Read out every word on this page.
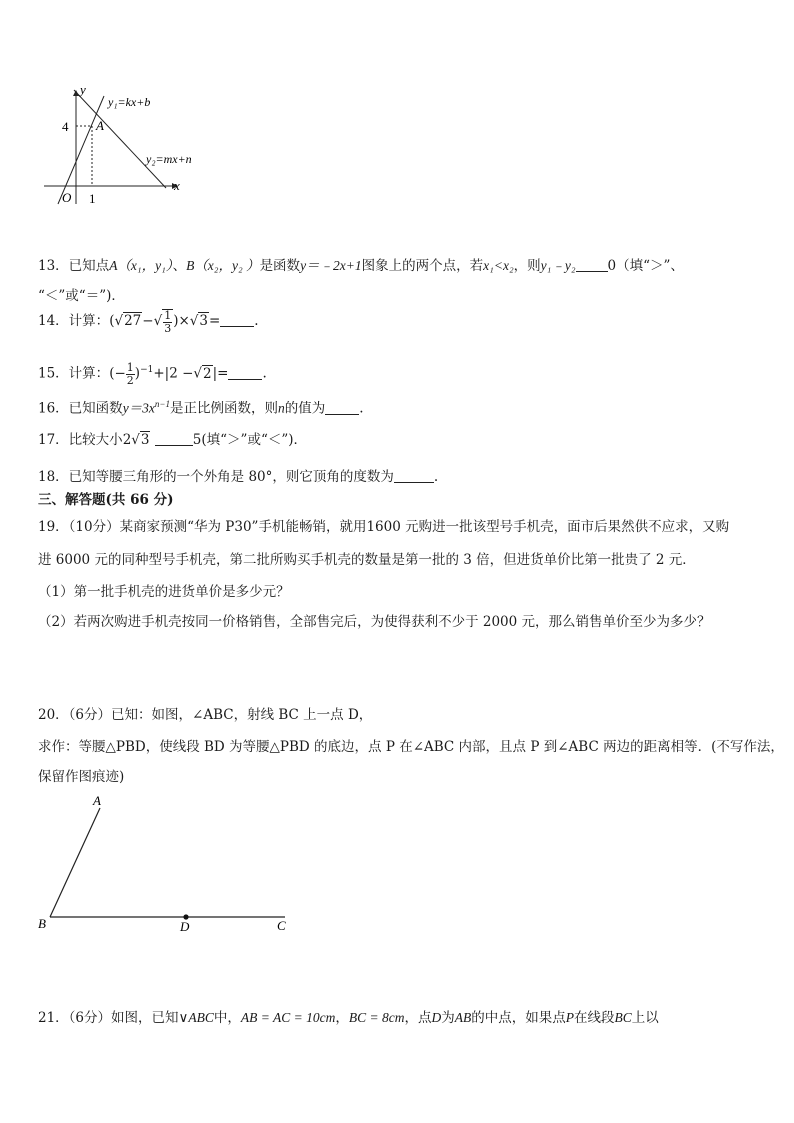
y
x
O
4
1
A
y₁=kx+b
y₂=mx+n
13．已知点A（x₁，y₁）、B（x₂，y₂ ）是函数y＝﹣2x+1图象上的两个点，若x₁<x₂，则y₁﹣y₂ 0（填“＞”、
“＜”或“＝”)．
14．计算：$(√27-√ \frac{1}{3} )\times√3=$	.
15．计算：(− $\frac{1}{2} )^{-1}+|2 -√2|=$	.
16．已知函数$y=3x^{n-1}$是正比例函数，则n的值为	.
17．比较大小2√3	5(填“＞”或“＜”)．
18．已知等腰三角形的一个外角是 80°，则它顶角的度数为	.
三、解答题(共 66 分)
19．（10分）某商家预测“华为 P30”手机能畅销，就用1600 元购进一批该型号手机壳，面市后果然供不应求，又购
进 6000 元的同种型号手机壳，第二批所购买手机壳的数量是第一批的 3 倍，但进货单价比第一批贵了 2 元．
（1）第一批手机壳的进货单价是多少元？
（2）若两次购进手机壳按同一价格销售，全部售完后，为使得获利不少于 2000 元，那么销售单价至少为多少？
20．（6分）已知：如图，∠ABC，射线 BC 上一点 D，
求作：等腰△PBD，使线段 BD 为等腰△PBD 的底边，点 P 在∠ABC 内部，且点 P 到∠ABC 两边的距离相等．(不写作法，
保留作图痕迹)
A
B	D	C
21．（6分）如图，已知∨ABC中，AB = AC = 10cm，BC = 8cm，点D为AB的中点，如果点P在线段BC上以
